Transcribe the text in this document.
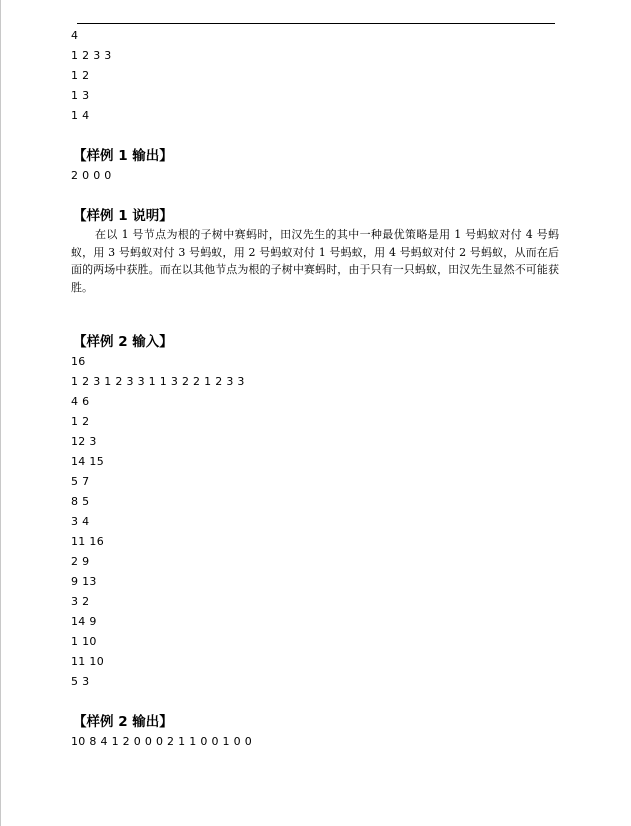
4
1 2 3 3
1 2
1 3
1 4
【样例 1 输出】
2 0 0 0
【样例 1 说明】
在以 1 号节点为根的子树中赛蚂时，田汉先生的其中一种最优策略是用 1 号蚂蚁对付 4 号蚂蚁，用 3 号蚂蚁对付 3 号蚂蚁，用 2 号蚂蚁对付 1 号蚂蚁，用 4 号蚂蚁对付 2 号蚂蚁，从而在后面的两场中获胜。而在以其他节点为根的子树中赛蚂时，由于只有一只蚂蚁，田汉先生显然不可能获胜。
【样例 2 输入】
16
1 2 3 1 2 3 3 1 1 3 2 2 1 2 3 3
4 6
1 2
12 3
14 15
5 7
8 5
3 4
11 16
2 9
9 13
3 2
14 9
1 10
11 10
5 3
【样例 2 输出】
10 8 4 1 2 0 0 0 2 1 1 0 0 1 0 0
